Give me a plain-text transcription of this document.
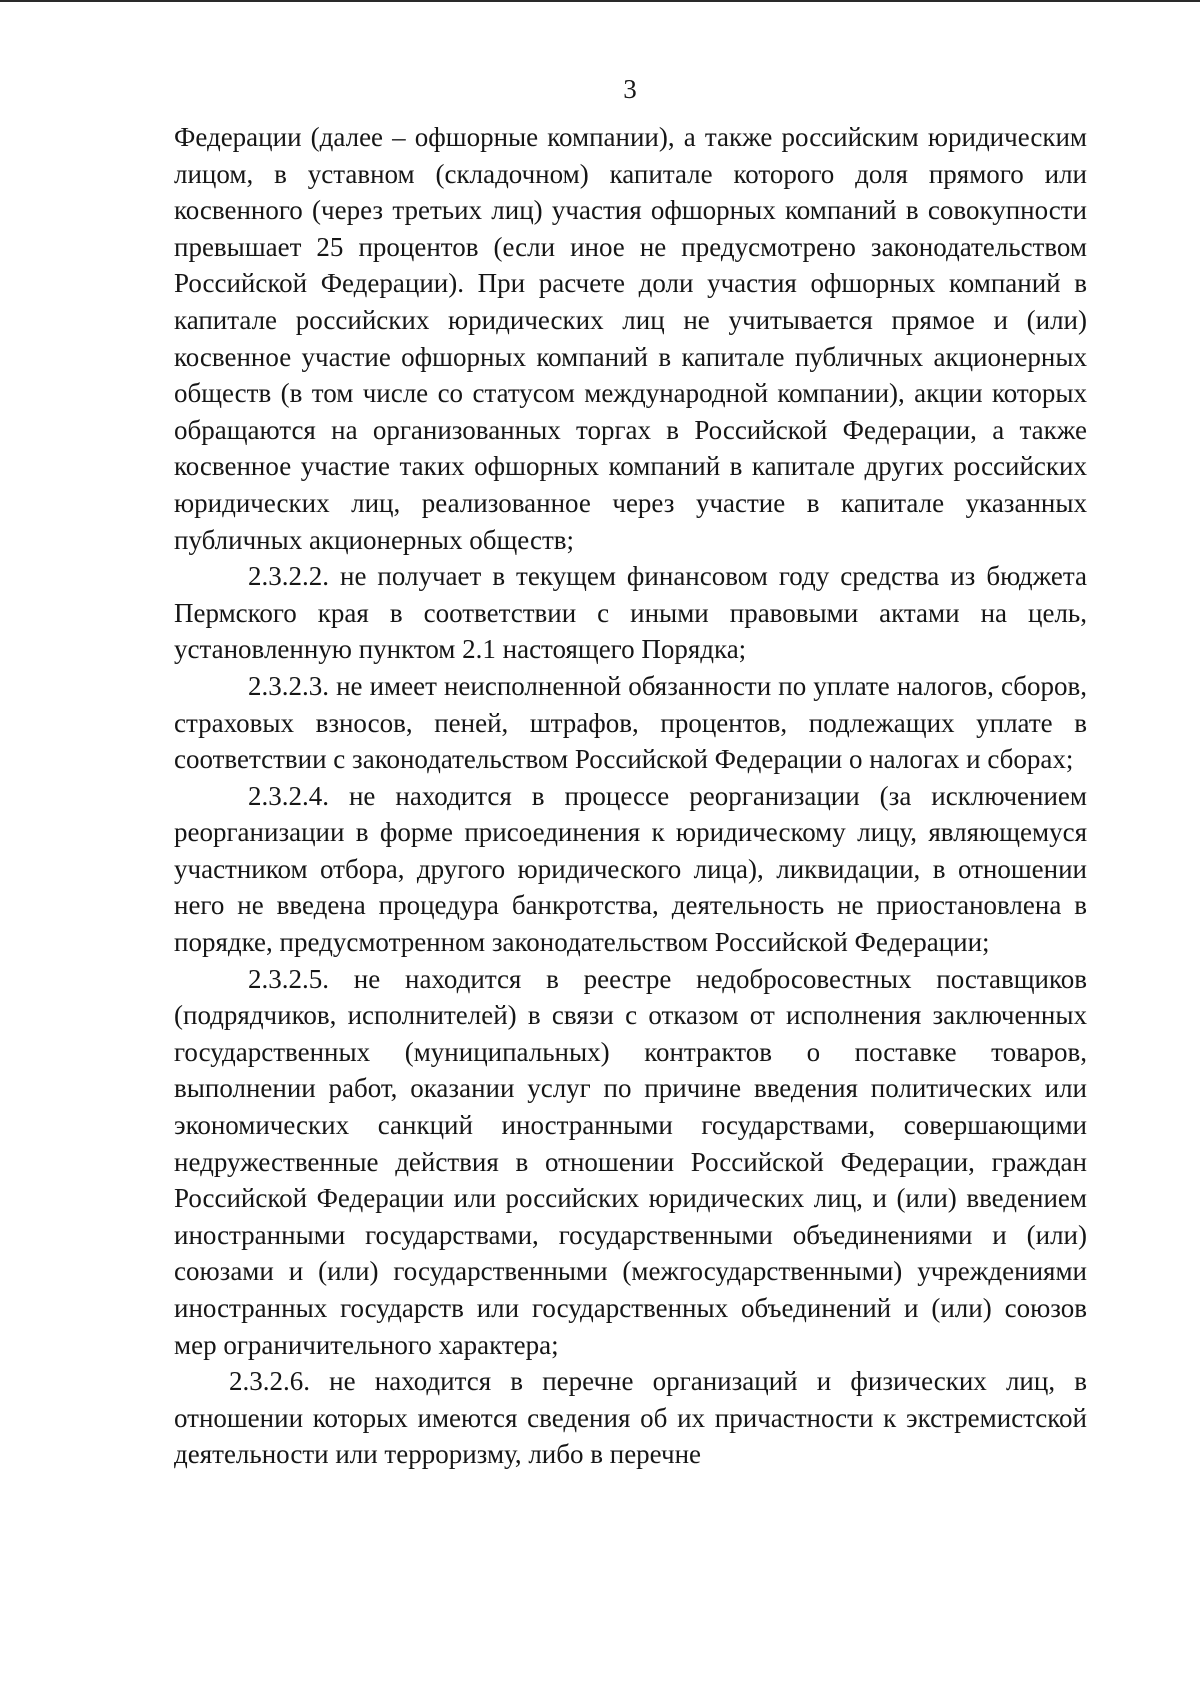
3

Федерации (далее – офшорные компании), а также российским юридическим лицом, в уставном (складочном) капитале которого доля прямого или косвенного (через третьих лиц) участия офшорных компаний в совокупности превышает 25 процентов (если иное не предусмотрено законодательством Российской Федерации). При расчете доли участия офшорных компаний в капитале российских юридических лиц не учитывается прямое и (или) косвенное участие офшорных компаний в капитале публичных акционерных обществ (в том числе со статусом международной компании), акции которых обращаются на организованных торгах в Российской Федерации, а также косвенное участие таких офшорных компаний в капитале других российских юридических лиц, реализованное через участие в капитале указанных публичных акционерных обществ;

2.3.2.2. не получает в текущем финансовом году средства из бюджета Пермского края в соответствии с иными правовыми актами на цель, установленную пунктом 2.1 настоящего Порядка;

2.3.2.3. не имеет неисполненной обязанности по уплате налогов, сборов, страховых взносов, пеней, штрафов, процентов, подлежащих уплате в соответствии с законодательством Российской Федерации о налогах и сборах;

2.3.2.4. не находится в процессе реорганизации (за исключением реорганизации в форме присоединения к юридическому лицу, являющемуся участником отбора, другого юридического лица), ликвидации, в отношении него не введена процедура банкротства, деятельность не приостановлена в порядке, предусмотренном законодательством Российской Федерации;

2.3.2.5. не находится в реестре недобросовестных поставщиков (подрядчиков, исполнителей) в связи с отказом от исполнения заключенных государственных (муниципальных) контрактов о поставке товаров, выполнении работ, оказании услуг по причине введения политических или экономических санкций иностранными государствами, совершающими недружественные действия в отношении Российской Федерации, граждан Российской Федерации или российских юридических лиц, и (или) введением иностранными государствами, государственными объединениями и (или) союзами и (или) государственными (межгосударственными) учреждениями иностранных государств или государственных объединений и (или) союзов мер ограничительного характера;

2.3.2.6. не находится в перечне организаций и физических лиц, в отношении которых имеются сведения об их причастности к экстремистской деятельности или терроризму, либо в перечне
